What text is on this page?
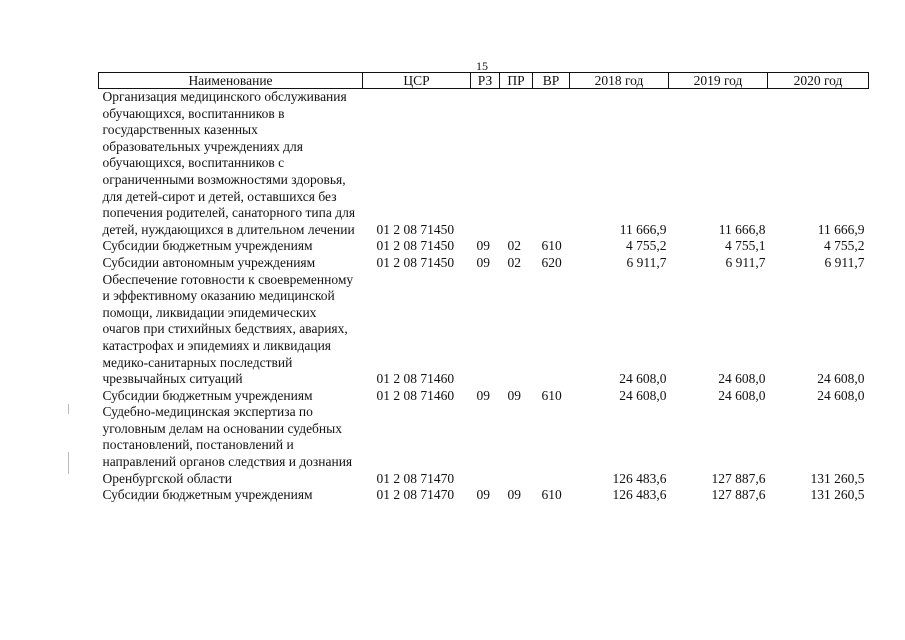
15
Наименование	ЦСР	РЗ	ПР	ВР	2018 год	2019 год	2020 год
Организация медицинского обслуживания обучающихся, воспитанников в государственных казенных образовательных учреждениях для обучающихся, воспитанников с ограниченными возможностями здоровья, для детей-сирот и детей, оставшихся без попечения родителей, санаторного типа для детей, нуждающихся в длительном лечении	01 2 08 71450				11 666,9	11 666,8	11 666,9
Субсидии бюджетным учреждениям	01 2 08 71450	09	02	610	4 755,2	4 755,1	4 755,2
Субсидии автономным учреждениям	01 2 08 71450	09	02	620	6 911,7	6 911,7	6 911,7
Обеспечение готовности к своевременному и эффективному оказанию медицинской помощи, ликвидации эпидемических очагов при стихийных бедствиях, авариях, катастрофах и эпидемиях и ликвидация медико-санитарных последствий чрезвычайных ситуаций	01 2 08 71460				24 608,0	24 608,0	24 608,0
Субсидии бюджетным учреждениям	01 2 08 71460	09	09	610	24 608,0	24 608,0	24 608,0
Судебно-медицинская экспертиза по уголовным делам на основании судебных постановлений, постановлений и направлений органов следствия и дознания Оренбургской области	01 2 08 71470				126 483,6	127 887,6	131 260,5
Субсидии бюджетным учреждениям	01 2 08 71470	09	09	610	126 483,6	127 887,6	131 260,5
